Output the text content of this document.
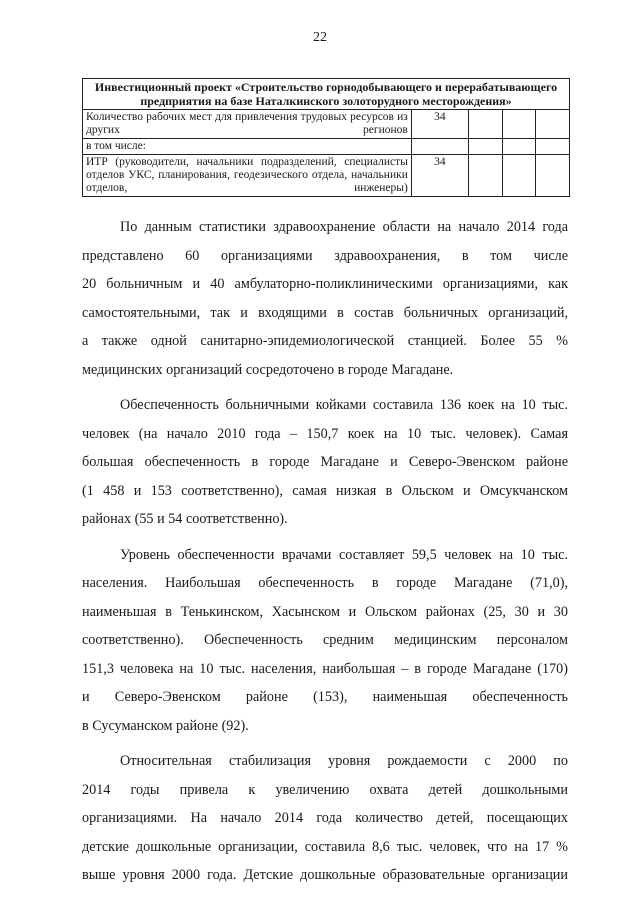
22
Инвестиционный проект «Строительство горнодобывающего и перерабатывающего предприятия на базе Наталкинского золоторудного месторождения»				
Количество рабочих мест для привлечения трудовых ресурсов из других регионов	34			
в том числе:				
ИТР (руководители, начальники подразделений, специалисты отделов УКС, планирования, геодезического отдела, начальники отделов, инженеры)	34			

По данным статистики здравоохранение области на начало 2014 года
представлено 60 организациями здравоохранения, в том числе
20 больничным и 40 амбулаторно-поликлиническими организациями, как
самостоятельными, так и входящими в состав больничных организаций,
а также одной санитарно-эпидемиологической станцией. Более 55 %
медицинских организаций сосредоточено в городе Магадане.

Обеспеченность больничными койками составила 136 коек на 10 тыс.
человек (на начало 2010 года – 150,7 коек на 10 тыс. человек). Самая
большая обеспеченность в городе Магадане и Северо-Эвенском районе
(1 458 и 153 соответственно), самая низкая в Ольском и Омсукчанском
районах (55 и 54 соответственно).

Уровень обеспеченности врачами составляет 59,5 человек на 10 тыс.
населения. Наибольшая обеспеченность в городе Магадане (71,0),
наименьшая в Тенькинском, Хасынском и Ольском районах (25, 30 и 30
соответственно). Обеспеченность средним медицинским персоналом
151,3 человека на 10 тыс. населения, наибольшая – в городе Магадане (170)
и Северо-Эвенском районе (153), наименьшая обеспеченность
в Сусуманском районе (92).

Относительная стабилизация уровня рождаемости с 2000 по
2014 годы привела к увеличению охвата детей дошкольными
организациями. На начало 2014 года количество детей, посещающих
детские дошкольные организации, составила 8,6 тыс. человек, что на 17 %
выше уровня 2000 года. Детские дошкольные образовательные организации
